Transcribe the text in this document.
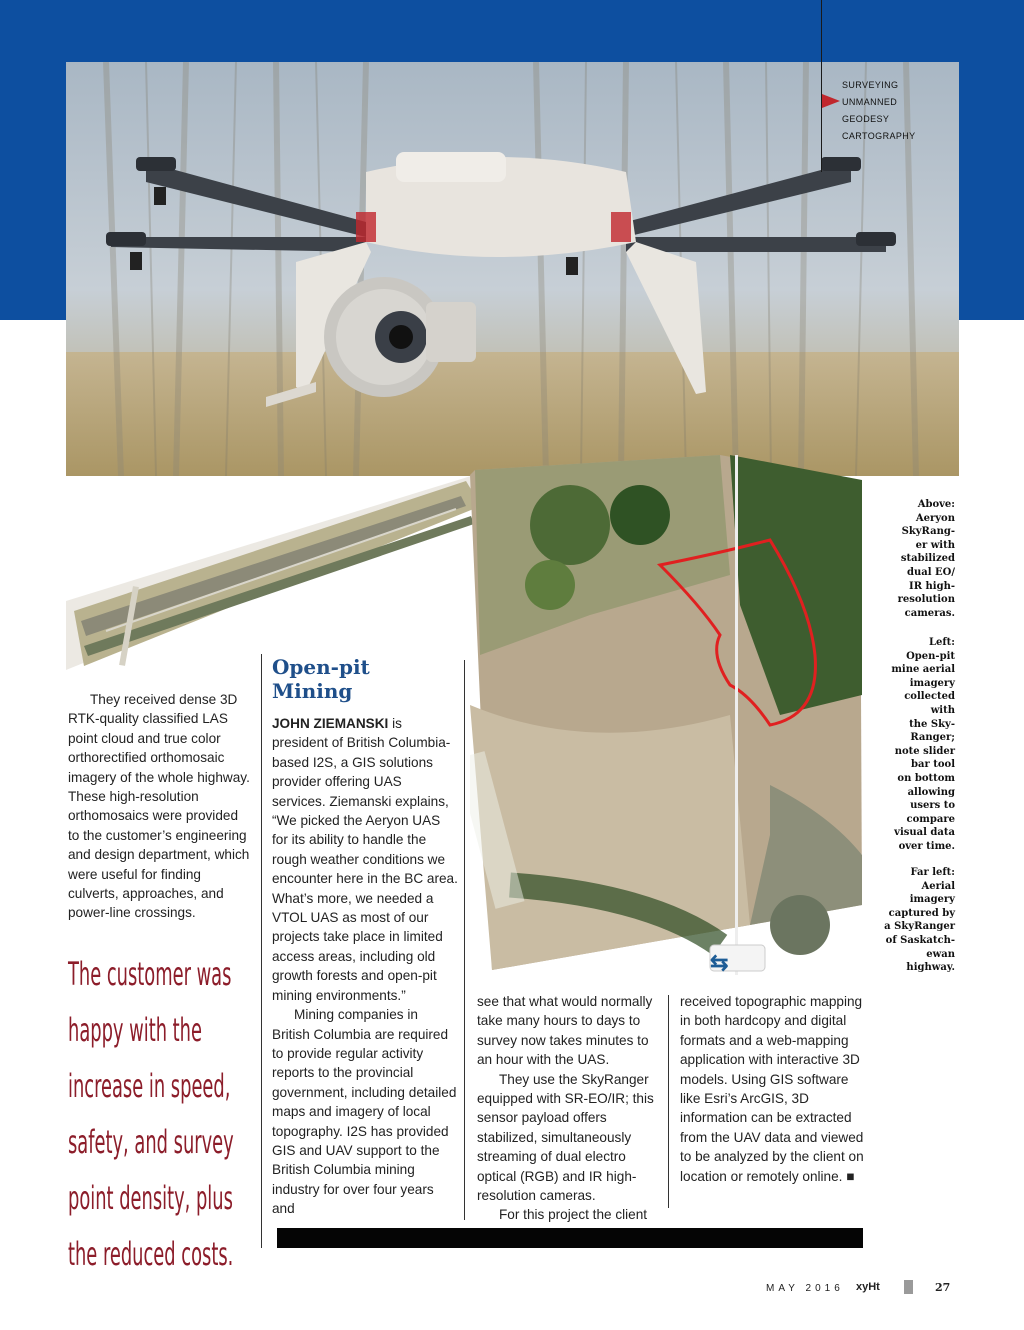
SURVEYING
UNMANNED
GEODESY
CARTOGRAPHY
⇆

They received dense 3D RTK-quality classified LAS point cloud and true color orthorectified orthomosaic imagery of the whole highway. These high-resolution orthomosaics were provided to the customer’s engineering and design department, which were useful for finding culverts, approaches, and power-line crossings.

The customer was
happy with the
increase in speed,
safety, and survey
point density, plus
the reduced costs.
Open-pit
Mining

JOHN ZIEMANSKI is president of British Columbia-based I2S, a GIS solutions provider offering UAS services. Ziemanski explains, “We picked the Aeryon UAS for its ability to handle the rough weather conditions we encounter here in the BC area. What’s more, we needed a VTOL UAS as most of our projects take place in limited access areas, including old growth forests and open-pit mining environments.”

Mining companies in British Columbia are required to provide regular activity reports to the provincial government, including detailed maps and imagery of local topography. I2S has provided GIS and UAV support to the British Columbia mining industry for over four years and

see that what would normally take many hours to days to survey now takes minutes to an hour with the UAS.

They use the SkyRanger equipped with SR-EO/IR; this sensor payload offers stabilized, simultaneously streaming of dual electro optical (RGB) and IR high-resolution cameras.

For this project the client

received topographic mapping in both hardcopy and digital formats and a web-mapping application with interactive 3D models. Using GIS software like Esri’s ArcGIS, 3D information can be extracted from the UAV data and viewed to be analyzed by the client on location or remotely online. ■

Above:
Aeryon
SkyRang-
er with
stabilized
dual EO/
IR high-
resolution
cameras.
Left:
Open-pit
mine aerial
imagery
collected
with
the Sky-
Ranger;
note slider
bar tool
on bottom
allowing
users to
compare
visual data
over time.
Far left:
Aerial
imagery
captured by
a SkyRanger
of Saskatch-
ewan
highway.
MAY 2016 xyHt	27
